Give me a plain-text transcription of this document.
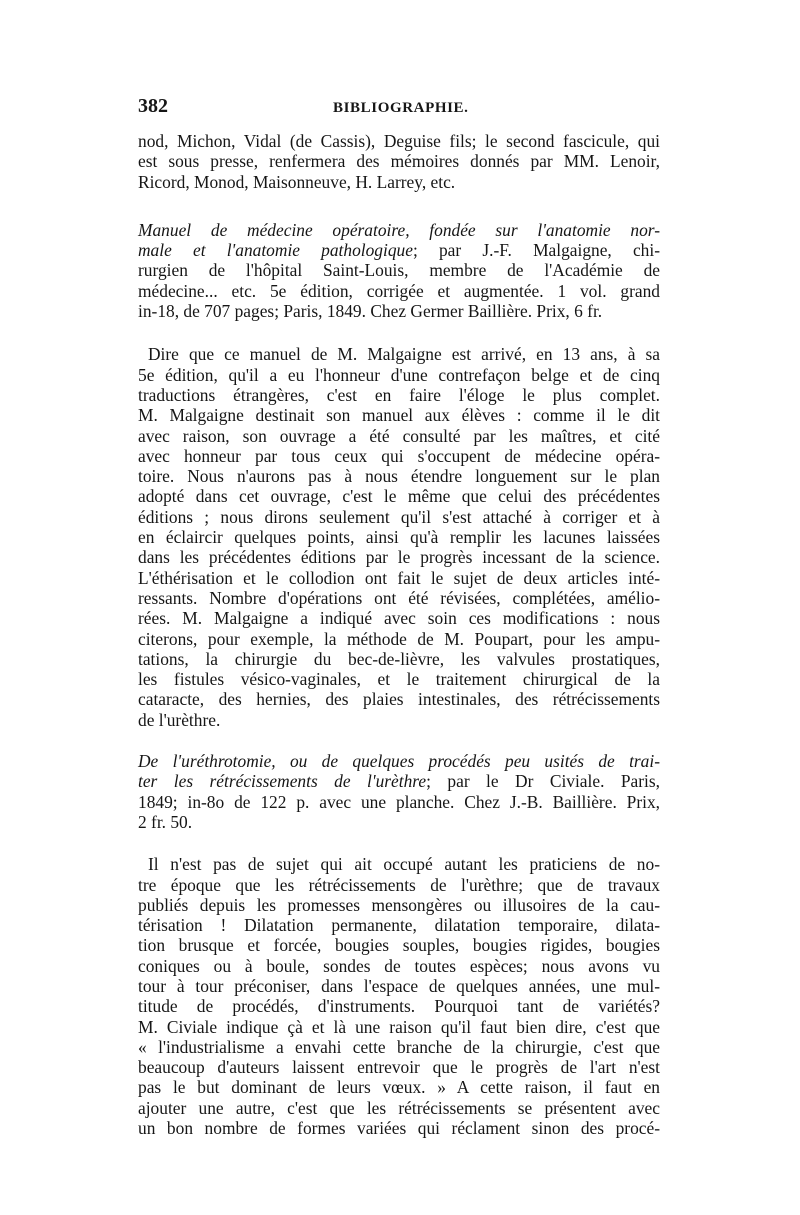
382	BIBLIOGRAPHIE.
nod, Michon, Vidal (de Cassis), Deguise fils; le second fascicule, qui
est sous presse, renfermera des mémoires donnés par MM. Lenoir,
Ricord, Monod, Maisonneuve, H. Larrey, etc.
Manuel de médecine opératoire, fondée sur l'anatomie nor-
male et l'anatomie pathologique; par J.-F. Malgaigne, chi-
rurgien de l'hôpital Saint-Louis, membre de l'Académie de
médecine... etc. 5e édition, corrigée et augmentée. 1 vol. grand
in-18, de 707 pages; Paris, 1849. Chez Germer Baillière. Prix, 6 fr.
Dire que ce manuel de M. Malgaigne est arrivé, en 13 ans, à sa
5e édition, qu'il a eu l'honneur d'une contrefaçon belge et de cinq
traductions étrangères, c'est en faire l'éloge le plus complet.
M. Malgaigne destinait son manuel aux élèves : comme il le dit
avec raison, son ouvrage a été consulté par les maîtres, et cité
avec honneur par tous ceux qui s'occupent de médecine opéra-
toire. Nous n'aurons pas à nous étendre longuement sur le plan
adopté dans cet ouvrage, c'est le même que celui des précédentes
éditions ; nous dirons seulement qu'il s'est attaché à corriger et à
en éclaircir quelques points, ainsi qu'à remplir les lacunes laissées
dans les précédentes éditions par le progrès incessant de la science.
L'éthérisation et le collodion ont fait le sujet de deux articles inté-
ressants. Nombre d'opérations ont été révisées, complétées, amélio-
rées. M. Malgaigne a indiqué avec soin ces modifications : nous
citerons, pour exemple, la méthode de M. Poupart, pour les ampu-
tations, la chirurgie du bec-de-lièvre, les valvules prostatiques,
les fistules vésico-vaginales, et le traitement chirurgical de la
cataracte, des hernies, des plaies intestinales, des rétrécissements
de l'urèthre.
De l'uréthrotomie, ou de quelques procédés peu usités de trai-
ter les rétrécissements de l'urèthre; par le Dr Civiale. Paris,
1849; in-8o de 122 p. avec une planche. Chez J.-B. Baillière. Prix,
2 fr. 50.
Il n'est pas de sujet qui ait occupé autant les praticiens de no-
tre époque que les rétrécissements de l'urèthre; que de travaux
publiés depuis les promesses mensongères ou illusoires de la cau-
térisation ! Dilatation permanente, dilatation temporaire, dilata-
tion brusque et forcée, bougies souples, bougies rigides, bougies
coniques ou à boule, sondes de toutes espèces; nous avons vu
tour à tour préconiser, dans l'espace de quelques années, une mul-
titude de procédés, d'instruments. Pourquoi tant de variétés?
M. Civiale indique çà et là une raison qu'il faut bien dire, c'est que
« l'industrialisme a envahi cette branche de la chirurgie, c'est que
beaucoup d'auteurs laissent entrevoir que le progrès de l'art n'est
pas le but dominant de leurs vœux. » A cette raison, il faut en
ajouter une autre, c'est que les rétrécissements se présentent avec
un bon nombre de formes variées qui réclament sinon des procé-
